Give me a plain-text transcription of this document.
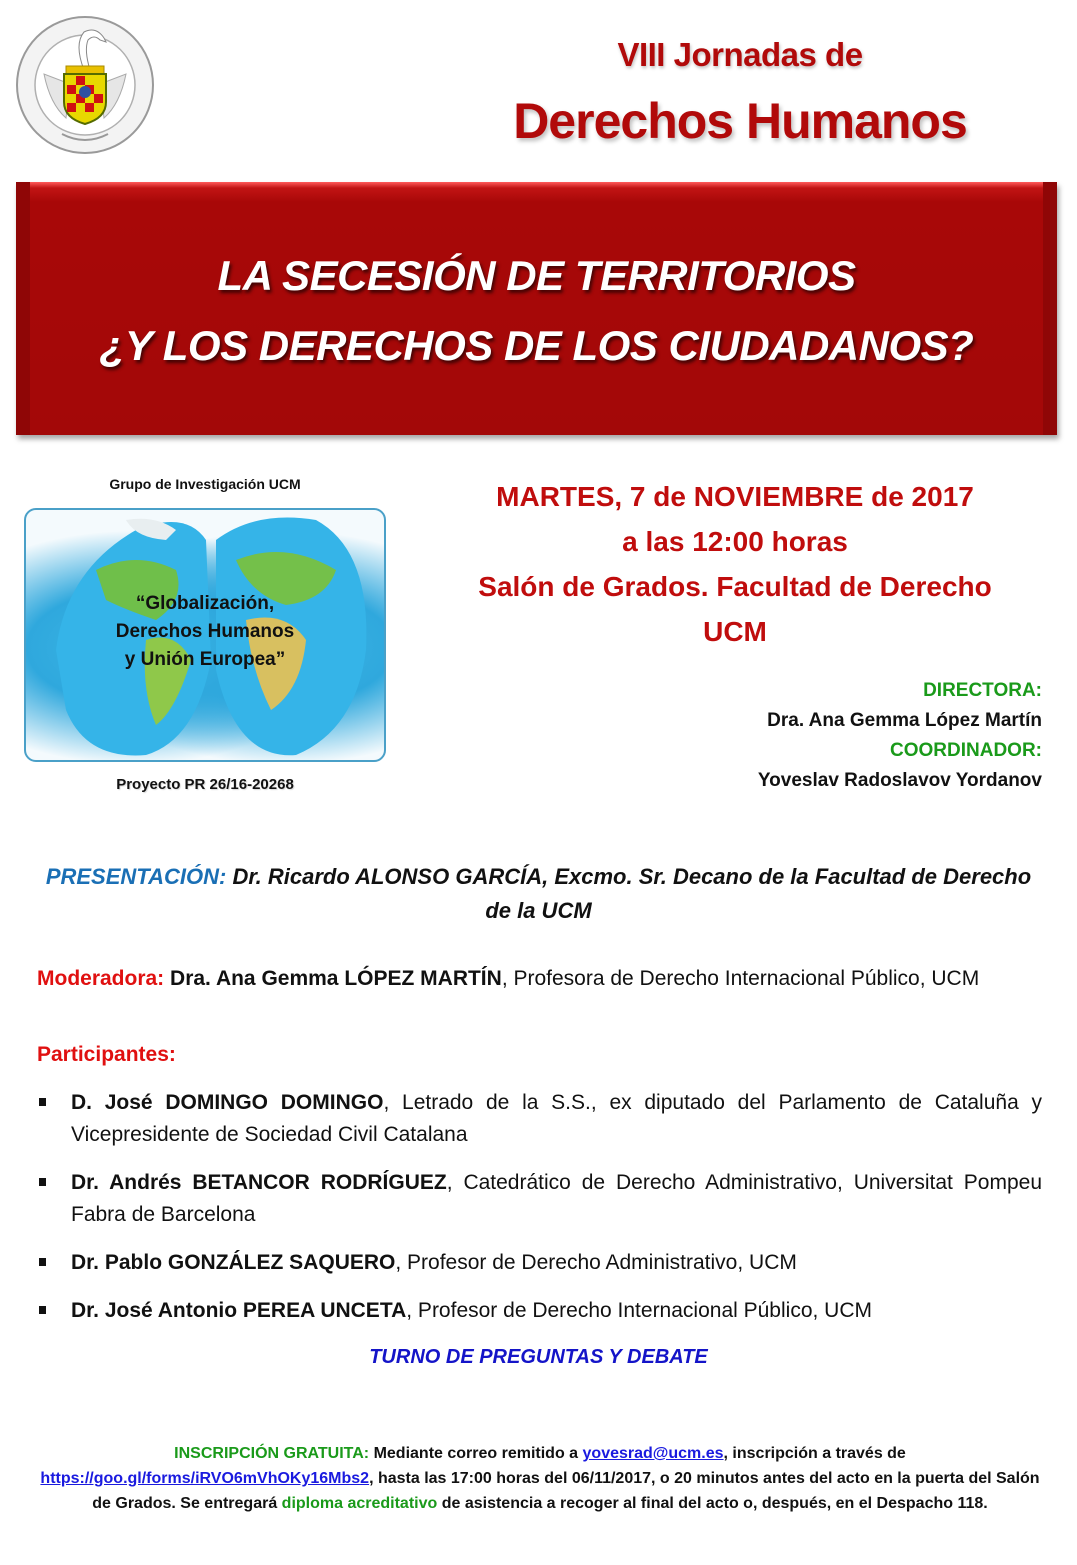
VIII Jornadas de
Derechos Humanos
LA SECESIÓN DE TERRITORIOS
¿Y LOS DERECHOS DE LOS CIUDADANOS?
Grupo de Investigación UCM
“Globalización,
Derechos Humanos
y Unión Europea”
Proyecto PR 26/16-20268
MARTES, 7 de NOVIEMBRE de 2017
a las 12:00 horas
Salón de Grados. Facultad de Derecho
UCM
DIRECTORA:
Dra. Ana Gemma López Martín
COORDINADOR:
Yoveslav Radoslavov Yordanov
PRESENTACIÓN: Dr. Ricardo ALONSO GARCÍA, Excmo. Sr. Decano de la Facultad de Derecho de la UCM
Moderadora: Dra. Ana Gemma LÓPEZ MARTÍN, Profesora de Derecho Internacional Público, UCM
Participantes:
D. José DOMINGO DOMINGO, Letrado de la S.S., ex diputado del Parlamento de Cataluña y Vicepresidente de Sociedad Civil Catalana
Dr. Andrés BETANCOR RODRÍGUEZ, Catedrático de Derecho Administrativo, Universitat Pompeu Fabra de Barcelona
Dr. Pablo GONZÁLEZ SAQUERO, Profesor de Derecho Administrativo, UCM
Dr. José Antonio PEREA UNCETA, Profesor de Derecho Internacional Público, UCM
TURNO DE PREGUNTAS Y DEBATE
INSCRIPCIÓN GRATUITA: Mediante correo remitido a yovesrad@ucm.es, inscripción a través de https://goo.gl/forms/iRVO6mVhOKy16Mbs2, hasta las 17:00 horas del 06/11/2017, o 20 minutos antes del acto en la puerta del Salón de Grados. Se entregará diploma acreditativo de asistencia a recoger al final del acto o, después, en el Despacho 118.
